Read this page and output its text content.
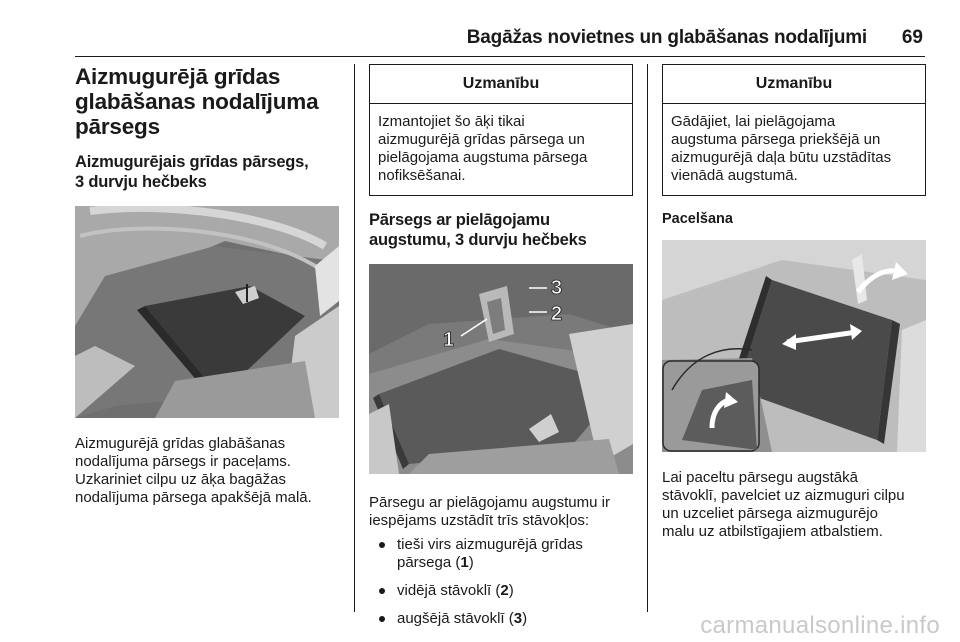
Bagāžas novietnes un glabāšanas nodalījumi 69
Aizmugurējā grīdas
glabāšanas nodalījuma
pārsegs
Aizmugurējais grīdas pārsegs,
3 durvju hečbeks

Aizmugurējā grīdas glabāšanas
nodalījuma pārsegs ir paceļams.
Uzkariniet cilpu uz āķa bagāžas
nodalījuma pārsega apakšējā malā.

Uzmanību
Izmantojiet šo āķi tikai
aizmugurējā grīdas pārsega un
pielāgojama augstuma pārsega
nofiksēšanai.
Pārsegs ar pielāgojamu
augstumu, 3 durvju hečbeks
1
2
3

Pārsegu ar pielāgojamu augstumu ir
iespējams uzstādīt trīs stāvokļos:

tieši virs aizmugurējā grīdas
pārsega (1)
vidējā stāvoklī (2)
augšējā stāvoklī (3)
Uzmanību
Gādājiet, lai pielāgojama
augstuma pārsega priekšējā un
aizmugurējā daļa būtu uzstādītas
vienādā augstumā.
Pacelšana

Lai paceltu pārsegu augstākā
stāvoklī, pavelciet uz aizmuguri cilpu
un uzceliet pārsega aizmugurējo
malu uz atbilstīgajiem atbalstiem.

carmanualsonline.info
